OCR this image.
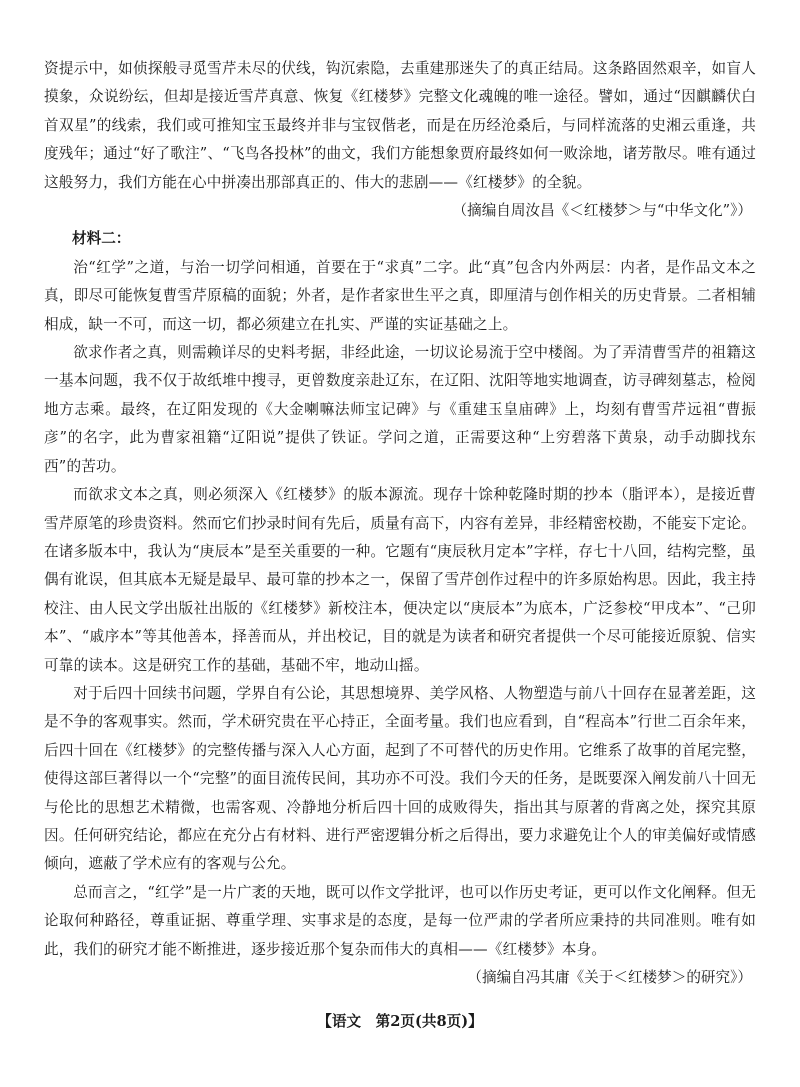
资提示中，如侦探般寻觅雪芹未尽的伏线，钩沉索隐，去重建那迷失了的真正结局。这条路固然艰辛，如盲人摸象，众说纷纭，但却是接近雪芹真意、恢复《红楼梦》完整文化魂魄的唯一途径。譬如，通过“因麒麟伏白首双星”的线索，我们或可推知宝玉最终并非与宝钗偕老，而是在历经沧桑后，与同样流落的史湘云重逢，共度残年；通过“好了歌注”、“飞鸟各投林”的曲文，我们方能想象贾府最终如何一败涂地，诸芳散尽。唯有通过这般努力，我们方能在心中拼凑出那部真正的、伟大的悲剧——《红楼梦》的全貌。

（摘编自周汝昌《＜红楼梦＞与“中华文化”》）

材料二：

治“红学”之道，与治一切学问相通，首要在于“求真”二字。此“真”包含内外两层：内者，是作品文本之真，即尽可能恢复曹雪芹原稿的面貌；外者，是作者家世生平之真，即厘清与创作相关的历史背景。二者相辅相成，缺一不可，而这一切，都必须建立在扎实、严谨的实证基础之上。

欲求作者之真，则需赖详尽的史料考据，非经此途，一切议论易流于空中楼阁。为了弄清曹雪芹的祖籍这一基本问题，我不仅于故纸堆中搜寻，更曾数度亲赴辽东，在辽阳、沈阳等地实地调查，访寻碑刻墓志，检阅地方志乘。最终，在辽阳发现的《大金喇嘛法师宝记碑》与《重建玉皇庙碑》上，均刻有曹雪芹远祖“曹振彦”的名字，此为曹家祖籍“辽阳说”提供了铁证。学问之道，正需要这种“上穷碧落下黄泉，动手动脚找东西”的苦功。

而欲求文本之真，则必须深入《红楼梦》的版本源流。现存十馀种乾隆时期的抄本（脂评本），是接近曹雪芹原笔的珍贵资料。然而它们抄录时间有先后，质量有高下，内容有差异，非经精密校勘，不能妄下定论。在诸多版本中，我认为“庚辰本”是至关重要的一种。它题有“庚辰秋月定本”字样，存七十八回，结构完整，虽偶有讹误，但其底本无疑是最早、最可靠的抄本之一，保留了雪芹创作过程中的许多原始构思。因此，我主持校注、由人民文学出版社出版的《红楼梦》新校注本，便决定以“庚辰本”为底本，广泛参校“甲戌本”、“己卯本”、“戚序本”等其他善本，择善而从，并出校记，目的就是为读者和研究者提供一个尽可能接近原貌、信实可靠的读本。这是研究工作的基础，基础不牢，地动山摇。

对于后四十回续书问题，学界自有公论，其思想境界、美学风格、人物塑造与前八十回存在显著差距，这是不争的客观事实。然而，学术研究贵在平心持正，全面考量。我们也应看到，自“程高本”行世二百余年来，后四十回在《红楼梦》的完整传播与深入人心方面，起到了不可替代的历史作用。它维系了故事的首尾完整，使得这部巨著得以一个“完整”的面目流传民间，其功亦不可没。我们今天的任务，是既要深入阐发前八十回无与伦比的思想艺术精微，也需客观、冷静地分析后四十回的成败得失，指出其与原著的背离之处，探究其原因。任何研究结论，都应在充分占有材料、进行严密逻辑分析之后得出，要力求避免让个人的审美偏好或情感倾向，遮蔽了学术应有的客观与公允。

总而言之，“红学”是一片广袤的天地，既可以作文学批评，也可以作历史考证，更可以作文化阐释。但无论取何种路径，尊重证据、尊重学理、实事求是的态度，是每一位严肃的学者所应秉持的共同准则。唯有如此，我们的研究才能不断推进，逐步接近那个复杂而伟大的真相——《红楼梦》本身。

（摘编自冯其庸《关于＜红楼梦＞的研究》）

【语文　第2页(共8页)】
